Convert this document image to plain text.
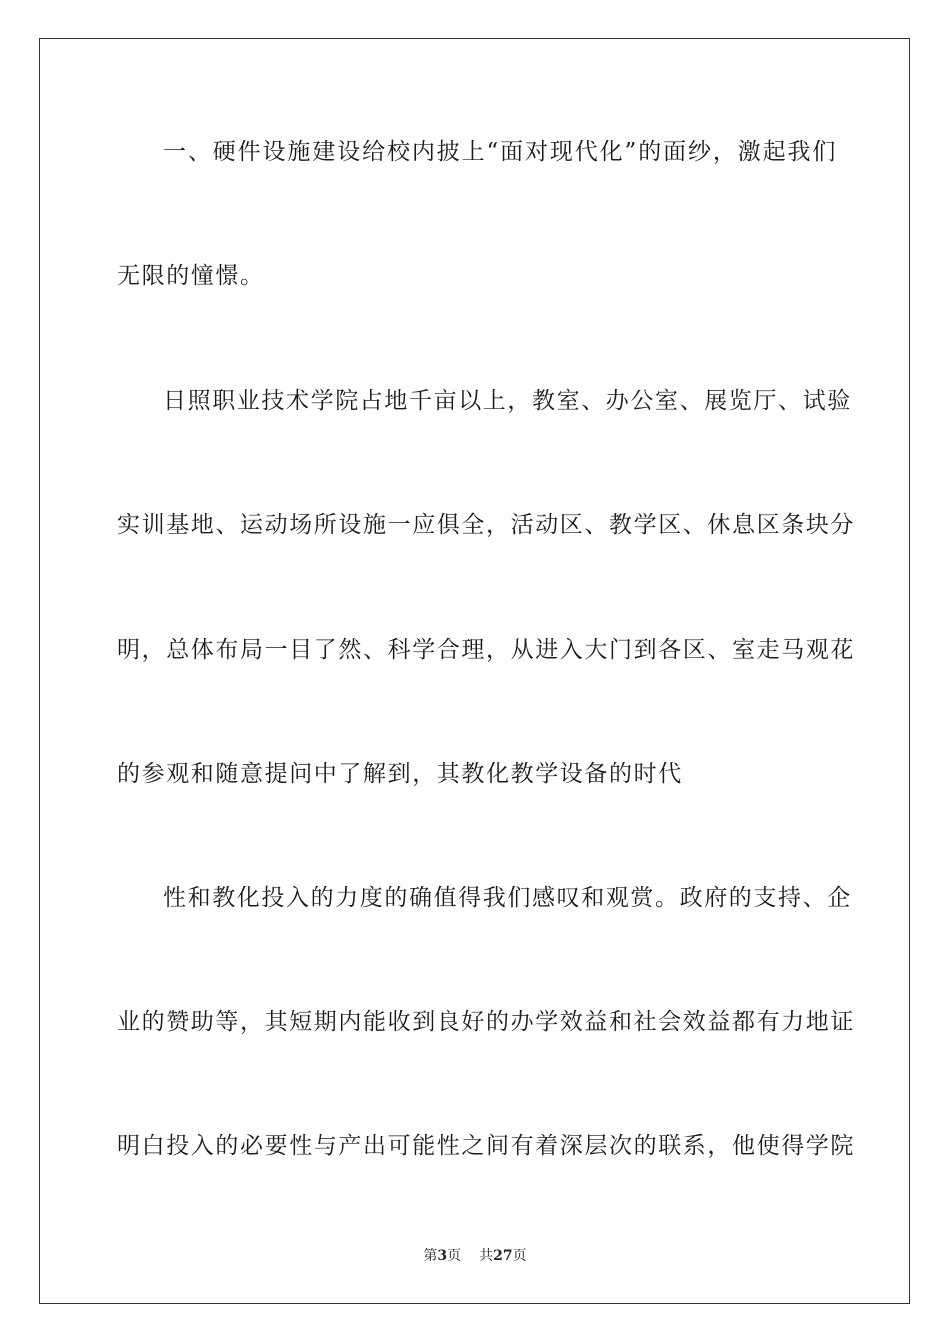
一、硬件设施建设给校内披上“面对现代化”的面纱，激起我们
无限的憧憬。
日照职业技术学院占地千亩以上，教室、办公室、展览厅、试验
实训基地、运动场所设施一应俱全，活动区、教学区、休息区条块分
明，总体布局一目了然、科学合理，从进入大门到各区、室走马观花
的参观和随意提问中了解到，其教化教学设备的时代
性和教化投入的力度的确值得我们感叹和观赏。政府的支持、企
业的赞助等，其短期内能收到良好的办学效益和社会效益都有力地证
明白投入的必要性与产出可能性之间有着深层次的联系，他使得学院
第3页 共27页
